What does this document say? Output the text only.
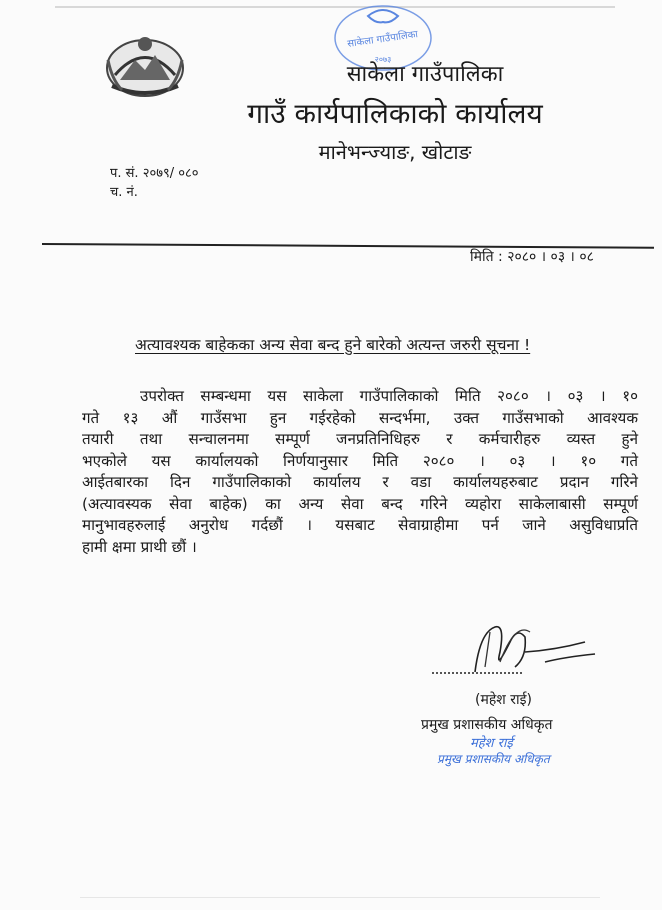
साकेला गाउँपालिका
२०७३
साकेला गाउँपालिका
गाउँ कार्यपालिकाको कार्यालय
मानेभन्ज्याङ, खोटाङ
प. सं. २०७९/ ०८०
च. नं.
मिति : २०८० । ०३ । ०८
अत्यावश्यक बाहेकका अन्य सेवा बन्द हुने बारेको अत्यन्त जरुरी सूचना !
उपरोक्त सम्बन्धमा यस साकेला गाउँपालिकाको मिति २०८० । ०३ । १०
गते १३ औं गाउँसभा हुन गईरहेको सन्दर्भमा, उक्त गाउँसभाको आवश्यक
तयारी तथा सन्चालनमा सम्पूर्ण जनप्रतिनिधिहरु र कर्मचारीहरु व्यस्त हुने
भएकोले यस कार्यालयको निर्णयानुसार मिति २०८० । ०३ । १० गते
आईतबारका दिन गाउँपालिकाको कार्यालय र वडा कार्यालयहरुबाट प्रदान गरिने
(अत्यावस्यक सेवा बाहेक) का अन्य सेवा बन्द गरिने व्यहोरा साकेलाबासी सम्पूर्ण
मानुभावहरुलाई अनुरोध गर्दछौं । यसबाट सेवाग्राहीमा पर्न जाने असुविधाप्रति
हामी क्षमा प्राथी छौं ।
(महेश राई)
प्रमुख प्रशासकीय अधिकृत
महेश राई
प्रमुख प्रशासकीय अधिकृत
